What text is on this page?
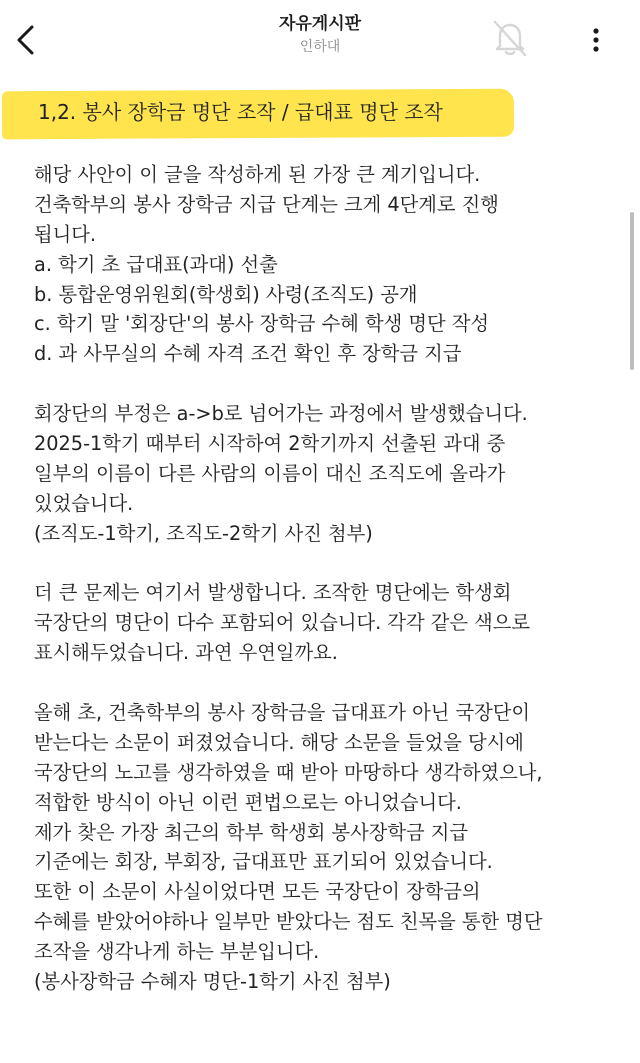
자유게시판
인하대
1,2. 봉사 장학금 명단 조작 / 급대표 명단 조작
해당 사안이 이 글을 작성하게 된 가장 큰 계기입니다.
건축학부의 봉사 장학금 지급 단계는 크게 4단계로 진행
됩니다.
a. 학기 초 급대표(과대) 선출
b. 통합운영위원회(학생회) 사령(조직도) 공개
c. 학기 말 '회장단'의 봉사 장학금 수혜 학생 명단 작성
d. 과 사무실의 수혜 자격 조건 확인 후 장학금 지급
회장단의 부정은 a->b로 넘어가는 과정에서 발생했습니다.
2025-1학기 때부터 시작하여 2학기까지 선출된 과대 중
일부의 이름이 다른 사람의 이름이 대신 조직도에 올라가
있었습니다.
(조직도-1학기, 조직도-2학기 사진 첨부)
더 큰 문제는 여기서 발생합니다. 조작한 명단에는 학생회
국장단의 명단이 다수 포함되어 있습니다. 각각 같은 색으로
표시해두었습니다. 과연 우연일까요.
올해 초, 건축학부의 봉사 장학금을 급대표가 아닌 국장단이
받는다는 소문이 퍼졌었습니다. 해당 소문을 들었을 당시에
국장단의 노고를 생각하였을 때 받아 마땅하다 생각하였으나,
적합한 방식이 아닌 이런 편법으로는 아니었습니다.
제가 찾은 가장 최근의 학부 학생회 봉사장학금 지급
기준에는 회장, 부회장, 급대표만 표기되어 있었습니다.
또한 이 소문이 사실이었다면 모든 국장단이 장학금의
수혜를 받았어야하나 일부만 받았다는 점도 친목을 통한 명단
조작을 생각나게 하는 부분입니다.
(봉사장학금 수혜자 명단-1학기 사진 첨부)
